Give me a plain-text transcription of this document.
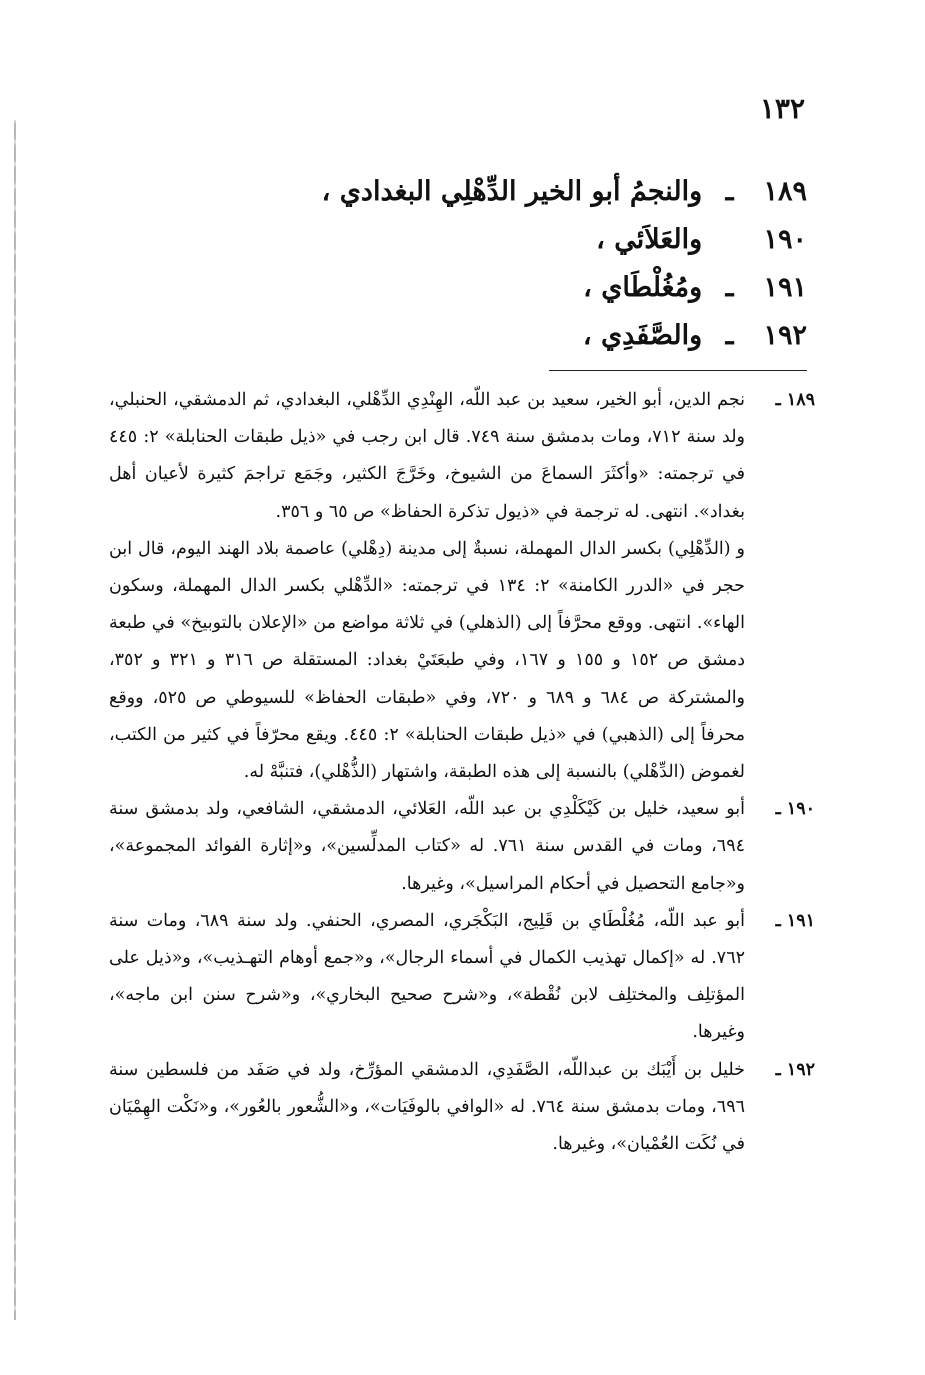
١٣٢
١٨٩ ـ والنجمُ أبو الخير الدِّهْلِي البغدادي ،
١٩٠  والعَلاَئي ،
١٩١ ـ ومُغُلْطَاي ،
١٩٢ ـ والصَّفَدِي ،
١٨٩ ـ

نجم الدين، أبو الخير، سعيد بن عبد اللّه، الهِنْدِي الدِّهْلي، البغدادي، ثم الدمشقي، الحنبلي، ولد سنة ٧١٢، ومات بدمشق سنة ٧٤٩. قال ابن رجب في «ذيل طبقات الحنابلة» ٢: ٤٤٥ في ترجمته: «وأكثَرَ السماعَ من الشيوخ، وخَرَّجَ الكثير، وجَمَع تراجمَ كثيرة لأعيان أهل بغداد». انتهى. له ترجمة في «ذيول تذكرة الحفاظ» ص ٦٥ و ٣٥٦.

و (الدِّهْلِي) بكسر الدال المهملة، نسبةٌ إلى مدينة (دِهْلي) عاصمة بلاد الهند اليوم، قال ابن حجر في «الدرر الكامنة» ٢: ١٣٤ في ترجمته: «الدِّهْلي بكسر الدال المهملة، وسكون الهاء». انتهى. ووقع محرَّفاً إلى (الذهلي) في ثلاثة مواضع من «الإعلان بالتوبيخ» في طبعة دمشق ص ١٥٢ و ١٥٥ و ١٦٧، وفي طبعَتَيْ بغداد: المستقلة ص ٣١٦ و ٣٢١ و ٣٥٢، والمشتركة ص ٦٨٤ و ٦٨٩ و ٧٢٠، وفي «طبقات الحفاظ» للسيوطي ص ٥٢٥، ووقع محرفاً إلى (الذهبي) في «ذيل طبقات الحنابلة» ٢: ٤٤٥. ويقع محرّفاً في كثير من الكتب، لغموض (الدِّهْلي) بالنسبة إلى هذه الطبقة، واشتهار (الذُّهْلي)، فتنبَّهْ له.

١٩٠ ـ

أبو سعيد، خليل بن كَيْكَلْدِي بن عبد اللّه، العَلائي، الدمشقي، الشافعي، ولد بدمشق سنة ٦٩٤، ومات في القدس سنة ٧٦١. له «كتاب المدلِّسين»، و«إثارة الفوائد المجموعة»، و«جامع التحصيل في أحكام المراسيل»، وغيرها.

١٩١ ـ

أبو عبد اللّه، مُغُلْطَاي بن قَلِيج، البَكْجَري، المصري، الحنفي. ولد سنة ٦٨٩، ومات سنة ٧٦٢. له «إكمال تهذيب الكمال في أسماء الرجال»، و«جمع أوهام التهـذيب»، و«ذيل على المؤتلِف والمختلِف لابن نُقْطة»، و«شرح صحيح البخاري»، و«شرح سنن ابن ماجه»، وغيرها.

١٩٢ ـ

خليل بن أَيْبَك بن عبداللّه، الصَّفَدِي، الدمشقي المؤرِّخ، ولد في صَفَد من فلسطين سنة ٦٩٦، ومات بدمشق سنة ٧٦٤. له «الوافي بالوفَيَات»، و«الشُّعور بالعُور»، و«نَكْت الهِمْيَان في نُكَت العُمْيان»، وغيرها.
